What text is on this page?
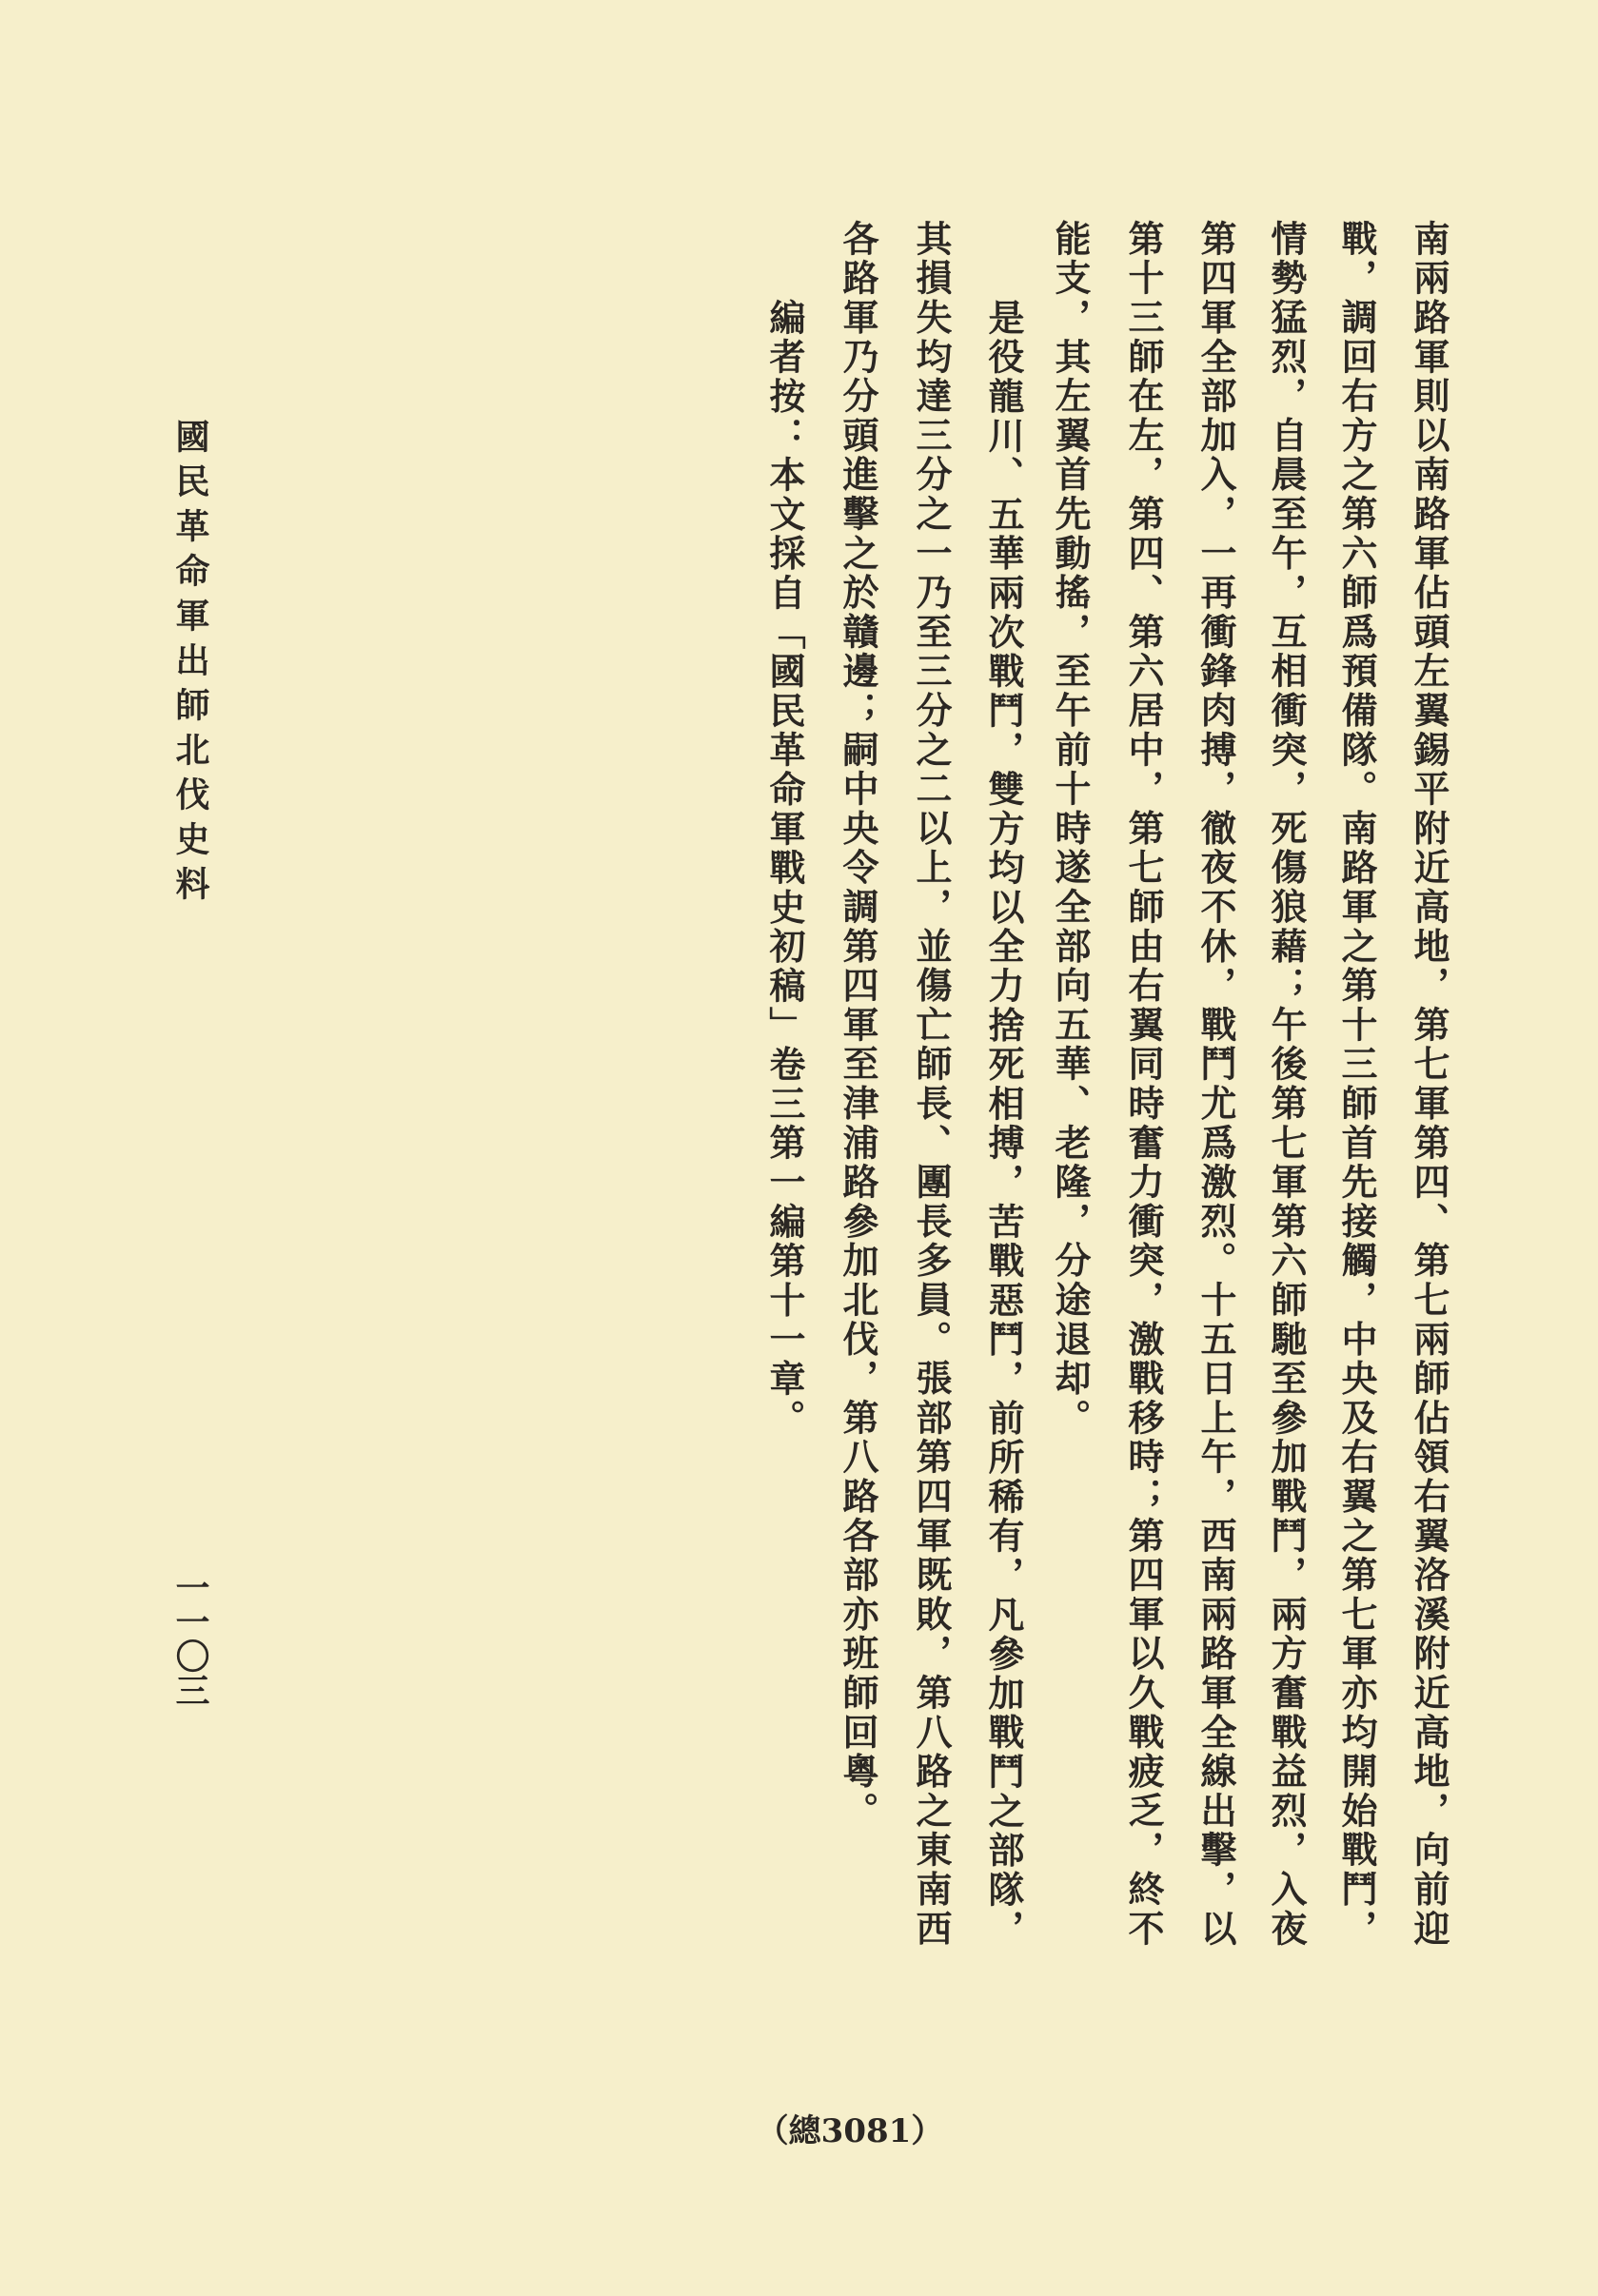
南兩路軍則以南路軍佔頭左翼錫平附近高地，第七軍第四、第七兩師佔領右翼洛溪附近高地，向前迎
戰，調回右方之第六師爲預備隊。南路軍之第十三師首先接觸，中央及右翼之第七軍亦均開始戰鬥，
情勢猛烈，自晨至午，互相衝突，死傷狼藉；午後第七軍第六師馳至參加戰鬥，兩方奮戰益烈，入夜
第四軍全部加入，一再衝鋒肉搏，徹夜不休，戰鬥尤爲激烈。十五日上午，西南兩路軍全線出擊，以
第十三師在左，第四、第六居中，第七師由右翼同時奮力衝突，激戰移時；第四軍以久戰疲乏，終不
能支，其左翼首先動搖，至午前十時遂全部向五華、老隆，分途退却。
是役龍川、五華兩次戰鬥，雙方均以全力捨死相搏，苦戰惡鬥，前所稀有，凡參加戰鬥之部隊，
其損失均達三分之一乃至三分之二以上，並傷亡師長、團長多員。張部第四軍既敗，第八路之東南西
各路軍乃分頭進擊之於贛邊；嗣中央令調第四軍至津浦路參加北伐，第八路各部亦班師回粵。
編者按：本文採自「國民革命軍戰史初稿」卷三第一編第十一章。
國民革命軍出師北伐史料
一一〇三
（總3081）
